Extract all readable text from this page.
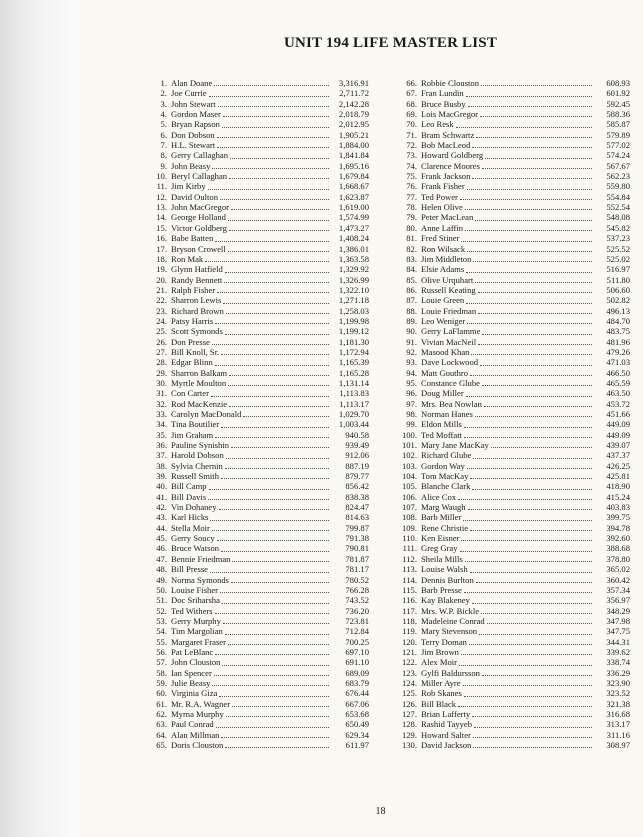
UNIT 194 LIFE MASTER LIST
1. Alan Doane	3,316.91
2. Joe Currie	2,711.72
3. John Stewart	2,142.28
4. Gordon Maser	2,018.79
5. Bryan Rapson	2,012.95
6. Don Dobson	1,905.21
7. H.L. Stewart	1,884.00
8. Gerry Callaghan	1,841.84
9. John Beasy	1,695.16
10. Beryl Callaghan	1,679.84
11. Jim Kirby	1,668.67
12. David Oulton	1,623.87
13. John MacGregor	1,619.00
14. George Holland	1,574.99
15. Victor Goldberg	1,473.27
16. Babe Batten	1,408.24
17. Bryson Crowell	1,386.01
18. Ron Mak	1,363.58
19. Glynn Hatfield	1,329.92
20. Randy Bennett	1,326.99
21. Ralph Fisher	1,322.10
22. Sharron Lewis	1,271.18
23. Richard Brown	1,258.03
24. Patsy Harris	1,199.98
25. Scott Symonds	1,199.12
26. Don Presse	1,181.30
27. Bill Knoll, Sr.	1,172.94
28. Edgar Blinn	1,165.39
29. Sharron Balkam	1,165.28
30. Myrtle Moulton	1,131.14
31. Con Carter	1,113.83
32. Rod MacKenzie	1,113.17
33. Carolyn MacDonald	1,029.70
34. Tina Boutilier	1,003.44
35. Jim Graham	940.58
36. Pauline Synishin	939.49
37. Harold Dobson	912.06
38. Sylvia Chernin	887.19
39. Russell Smith	879.77
40. Bill Camp	856.42
41. Bill Davis	838.38
42. Vin Dohaney	824.47
43. Karl Hicks	814.63
44. Stella Moir	799.87
45. Gerry Soucy	791.38
46. Bruce Watson	790.81
47. Bennie Friedman	781.87
48. Bill Presse	781.17
49. Norma Symonds	780.52
50. Louise Fisher	766.28
51. Doc Sriharsha	743.52
52. Ted Withers	736.20
53. Gerry Murphy	723.81
54. Tim Margolian	712.84
55. Margaret Fraser	700.25
56. Pat LeBlanc	697.10
57. John Clouston	691.10
58. Ian Spencer	689.09
59. Julie Beasy	683.79
60. Virginia Giza	676.44
61. Mr. R.A. Wagner	667.06
62. Myrna Murphy	653.68
63. Paul Conrad	650.49
64. Alan Millman	629.34
65. Doris Clouston	611.97
66. Robbie Clouston	608.93
67. Fran Lundin	601.92
68. Bruce Busby	592.45
69. Lois MacGregor	588.36
70. Leo Resk	585.87
71. Bram Schwartz	579.89
72. Bob MacLeod	577.02
73. Howard Goldberg	574.24
74. Clarence Moores	567.67
75. Frank Jackson	562.23
76. Frank Fisher	559.80
77. Ted Power	554.84
78. Helen Olive	552.54
79. Peter MacLean	548.08
80. Anne Laffin	545.82
81. Fred Stiner	537.23
82. Ron Wilsack	525.52
83. Jim Middleton	525.02
84. Elsie Adams	516.97
85. Olive Urquhart	511.80
86. Russell Keating	506.60
87. Louie Green	502.82
88. Louie Friedman	496.13
89. Leo Weniger	484.70
90. Gerry LaFlamme	483.75
91. Vivian MacNeil	481.96
92. Masood Khan	479.26
93. Dave Lockwood	471.03
94. Matt Gouthro	466.50
95. Constance Glube	465.59
96. Doug Miller	463.50
97. Mrs. Bea Nowlan	453.72
98. Norman Hanes	451.66
99. Eldon Mills	449.09
100. Ted Moffatt	449.09
101. Mary Jane MacKay	439.07
102. Richard Glube	437.37
103. Gordon Way	426.25
104. Tom MacKay	425.81
105. Blanche Clark	418.90
106. Alice Cox	415.24
107. Marg Waugh	403.83
108. Barb Miller	399.75
109. Rene Christie	394.78
110. Ken Eisner	392.60
111. Greg Gray	388.68
112. Sheila Mills	378.80
113. Louise Walsh	365.02
114. Dennis Burlton	360.42
115. Barb Presse	357.34
116. Kay Blakeney	356.97
117. Mrs. W.P. Bickle	348.29
118. Madeleine Conrad	347.98
119. Mary Stevenson	347.75
120. Terry Doman	344.31
121. Jim Brown	339.62
122. Alex Moir	338.74
123. Gylfi Baldursson	336.29
124. Miller Ayre	323.90
125. Rob Skanes	323.52
126. Bill Black	321.38
127. Brian Lafferty	316.68
128. Rashid Tayyeb	313.17
129. Howard Salter	311.16
130. David Jackson	308.97
18
